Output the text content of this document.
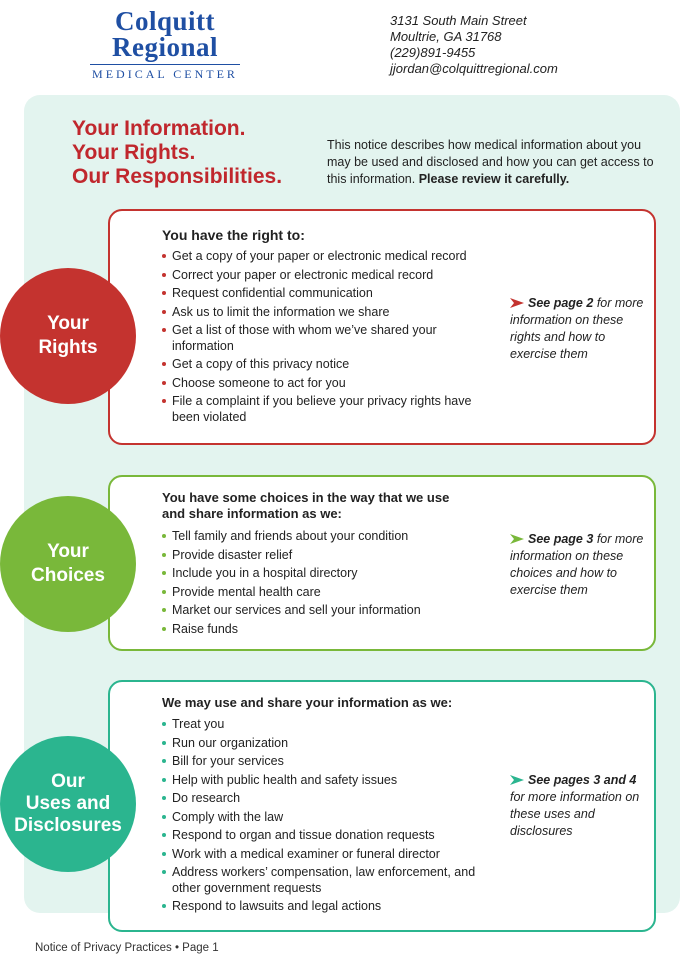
Colquitt
Regional
MEDICAL CENTER
3131 South Main Street
Moultrie, GA 31768
(229)891-9455
jjordan@colquittregional.com
Your Information.
Your Rights.
Our Responsibilities.
This notice describes how medical information about you may be used and disclosed and how you can get access to this information. Please review it carefully.
You have the right to:
Get a copy of your paper or electronic medical record
Correct your paper or electronic medical record
Request confidential communication
Ask us to limit the information we share
Get a list of those with whom we’ve shared your information
Get a copy of this privacy notice
Choose someone to act for you
File a complaint if you believe your privacy rights have been violated
See page 2 for more information on these rights and how to exercise them
Your
Rights
You have some choices in the way that we use and share information as we:
Tell family and friends about your condition
Provide disaster relief
Include you in a hospital directory
Provide mental health care
Market our services and sell your information
Raise funds
See page 3 for more information on these choices and how to exercise them
Your
Choices
We may use and share your information as we:
Treat you
Run our organization
Bill for your services
Help with public health and safety issues
Do research
Comply with the law
Respond to organ and tissue donation requests
Work with a medical examiner or funeral director
Address workers’ compensation, law enforcement, and other government requests
Respond to lawsuits and legal actions
See pages 3 and 4 for more information on these uses and disclosures
Our
Uses and
Disclosures
Notice of Privacy Practices • Page 1
